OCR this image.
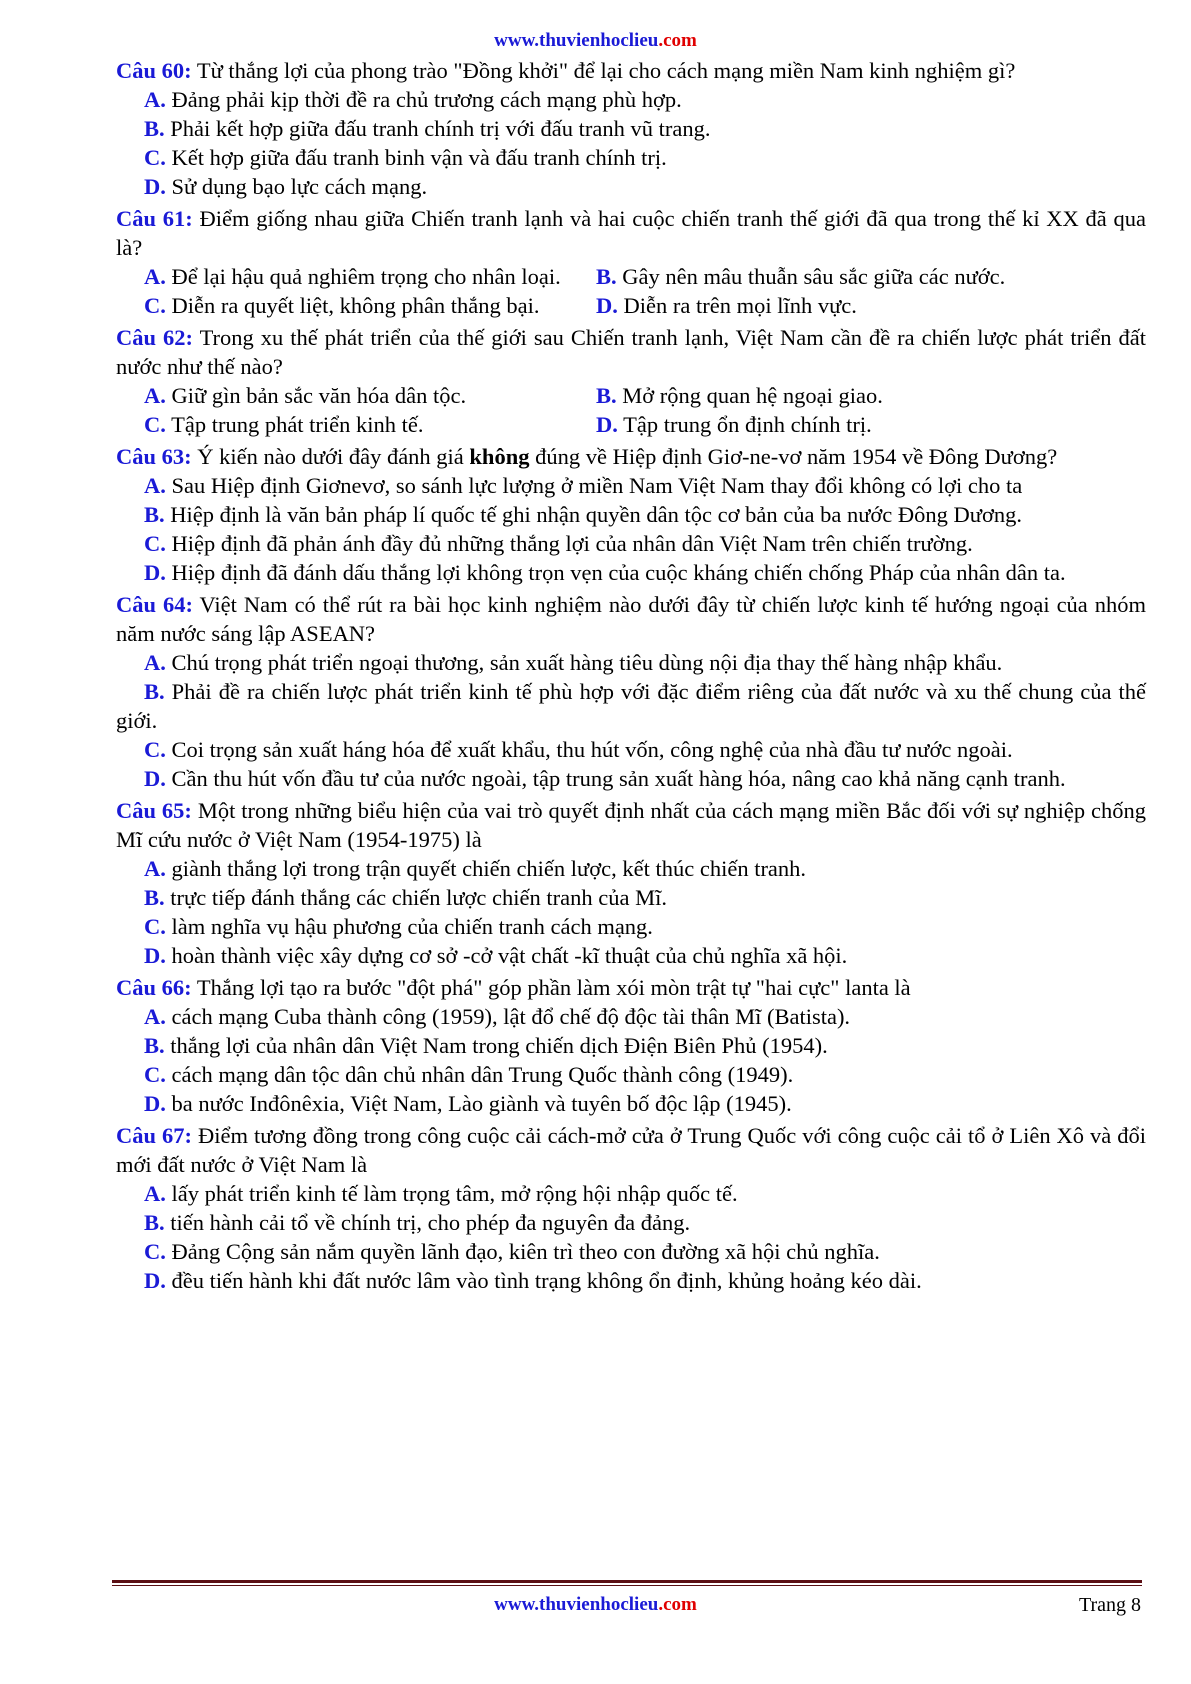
www.thuvienhoclieu.com
Câu 60: Từ thắng lợi của phong trào "Đồng khởi" để lại cho cách mạng miền Nam kinh nghiệm gì?
A. Đảng phải kịp thời đề ra chủ trương cách mạng phù hợp.
B. Phải kết hợp giữa đấu tranh chính trị với đấu tranh vũ trang.
C. Kết hợp giữa đấu tranh binh vận và đấu tranh chính trị.
D. Sử dụng bạo lực cách mạng.
Câu 61: Điểm giống nhau giữa Chiến tranh lạnh và hai cuộc chiến tranh thế giới đã qua trong thế kỉ XX đã qua là?
A. Để lại hậu quả nghiêm trọng cho nhân loại.	B. Gây nên mâu thuẫn sâu sắc giữa các nước.
C. Diễn ra quyết liệt, không phân thắng bại.	D. Diễn ra trên mọi lĩnh vực.
Câu 62: Trong xu thế phát triển của thế giới sau Chiến tranh lạnh, Việt Nam cần đề ra chiến lược phát triển đất nước như thế nào?
A. Giữ gìn bản sắc văn hóa dân tộc.	B. Mở rộng quan hệ ngoại giao.
C. Tập trung phát triển kinh tế.	D. Tập trung ổn định chính trị.
Câu 63: Ý kiến nào dưới đây đánh giá không đúng về Hiệp định Giơ-ne-vơ năm 1954 về Đông Dương?
A. Sau Hiệp định Giơnevơ, so sánh lực lượng ở miền Nam Việt Nam thay đổi không có lợi cho ta
B. Hiệp định là văn bản pháp lí quốc tế ghi nhận quyền dân tộc cơ bản của ba nước Đông Dương.
C. Hiệp định đã phản ánh đầy đủ những thắng lợi của nhân dân Việt Nam trên chiến trường.
D. Hiệp định đã đánh dấu thắng lợi không trọn vẹn của cuộc kháng chiến chống Pháp của nhân dân ta.
Câu 64: Việt Nam có thể rút ra bài học kinh nghiệm nào dưới đây từ chiến lược kinh tế hướng ngoại của nhóm năm nước sáng lập ASEAN?
A. Chú trọng phát triển ngoại thương, sản xuất hàng tiêu dùng nội địa thay thế hàng nhập khẩu.
B. Phải đề ra chiến lược phát triển kinh tế phù hợp với đặc điểm riêng của đất nước và xu thế chung của thế giới.
C. Coi trọng sản xuất háng hóa để xuất khẩu, thu hút vốn, công nghệ của nhà đầu tư nước ngoài.
D. Cần thu hút vốn đầu tư của nước ngoài, tập trung sản xuất hàng hóa, nâng cao khả năng cạnh tranh.
Câu 65: Một trong những biểu hiện của vai trò quyết định nhất của cách mạng miền Bắc đối với sự nghiệp chống Mĩ cứu nước ở Việt Nam (1954-1975) là
A. giành thắng lợi trong trận quyết chiến chiến lược, kết thúc chiến tranh.
B. trực tiếp đánh thắng các chiến lược chiến tranh của Mĩ.
C. làm nghĩa vụ hậu phương của chiến tranh cách mạng.
D. hoàn thành việc xây dựng cơ sở -cở vật chất -kĩ thuật của chủ nghĩa xã hội.
Câu 66: Thắng lợi tạo ra bước "đột phá" góp phần làm xói mòn trật tự "hai cực" lanta là
A. cách mạng Cuba thành công (1959), lật đổ chế độ độc tài thân Mĩ (Batista).
B. thắng lợi của nhân dân Việt Nam trong chiến dịch Điện Biên Phủ (1954).
C. cách mạng dân tộc dân chủ nhân dân Trung Quốc thành công (1949).
D. ba nước Inđônêxia, Việt Nam, Lào giành và tuyên bố độc lập (1945).
Câu 67: Điểm tương đồng trong công cuộc cải cách-mở cửa ở Trung Quốc với công cuộc cải tổ ở Liên Xô và đổi mới đất nước ở Việt Nam là
A. lấy phát triển kinh tế làm trọng tâm, mở rộng hội nhập quốc tế.
B. tiến hành cải tổ về chính trị, cho phép đa nguyên đa đảng.
C. Đảng Cộng sản nắm quyền lãnh đạo, kiên trì theo con đường xã hội chủ nghĩa.
D. đều tiến hành khi đất nước lâm vào tình trạng không ổn định, khủng hoảng kéo dài.
www.thuvienhoclieu.com	Trang 8
